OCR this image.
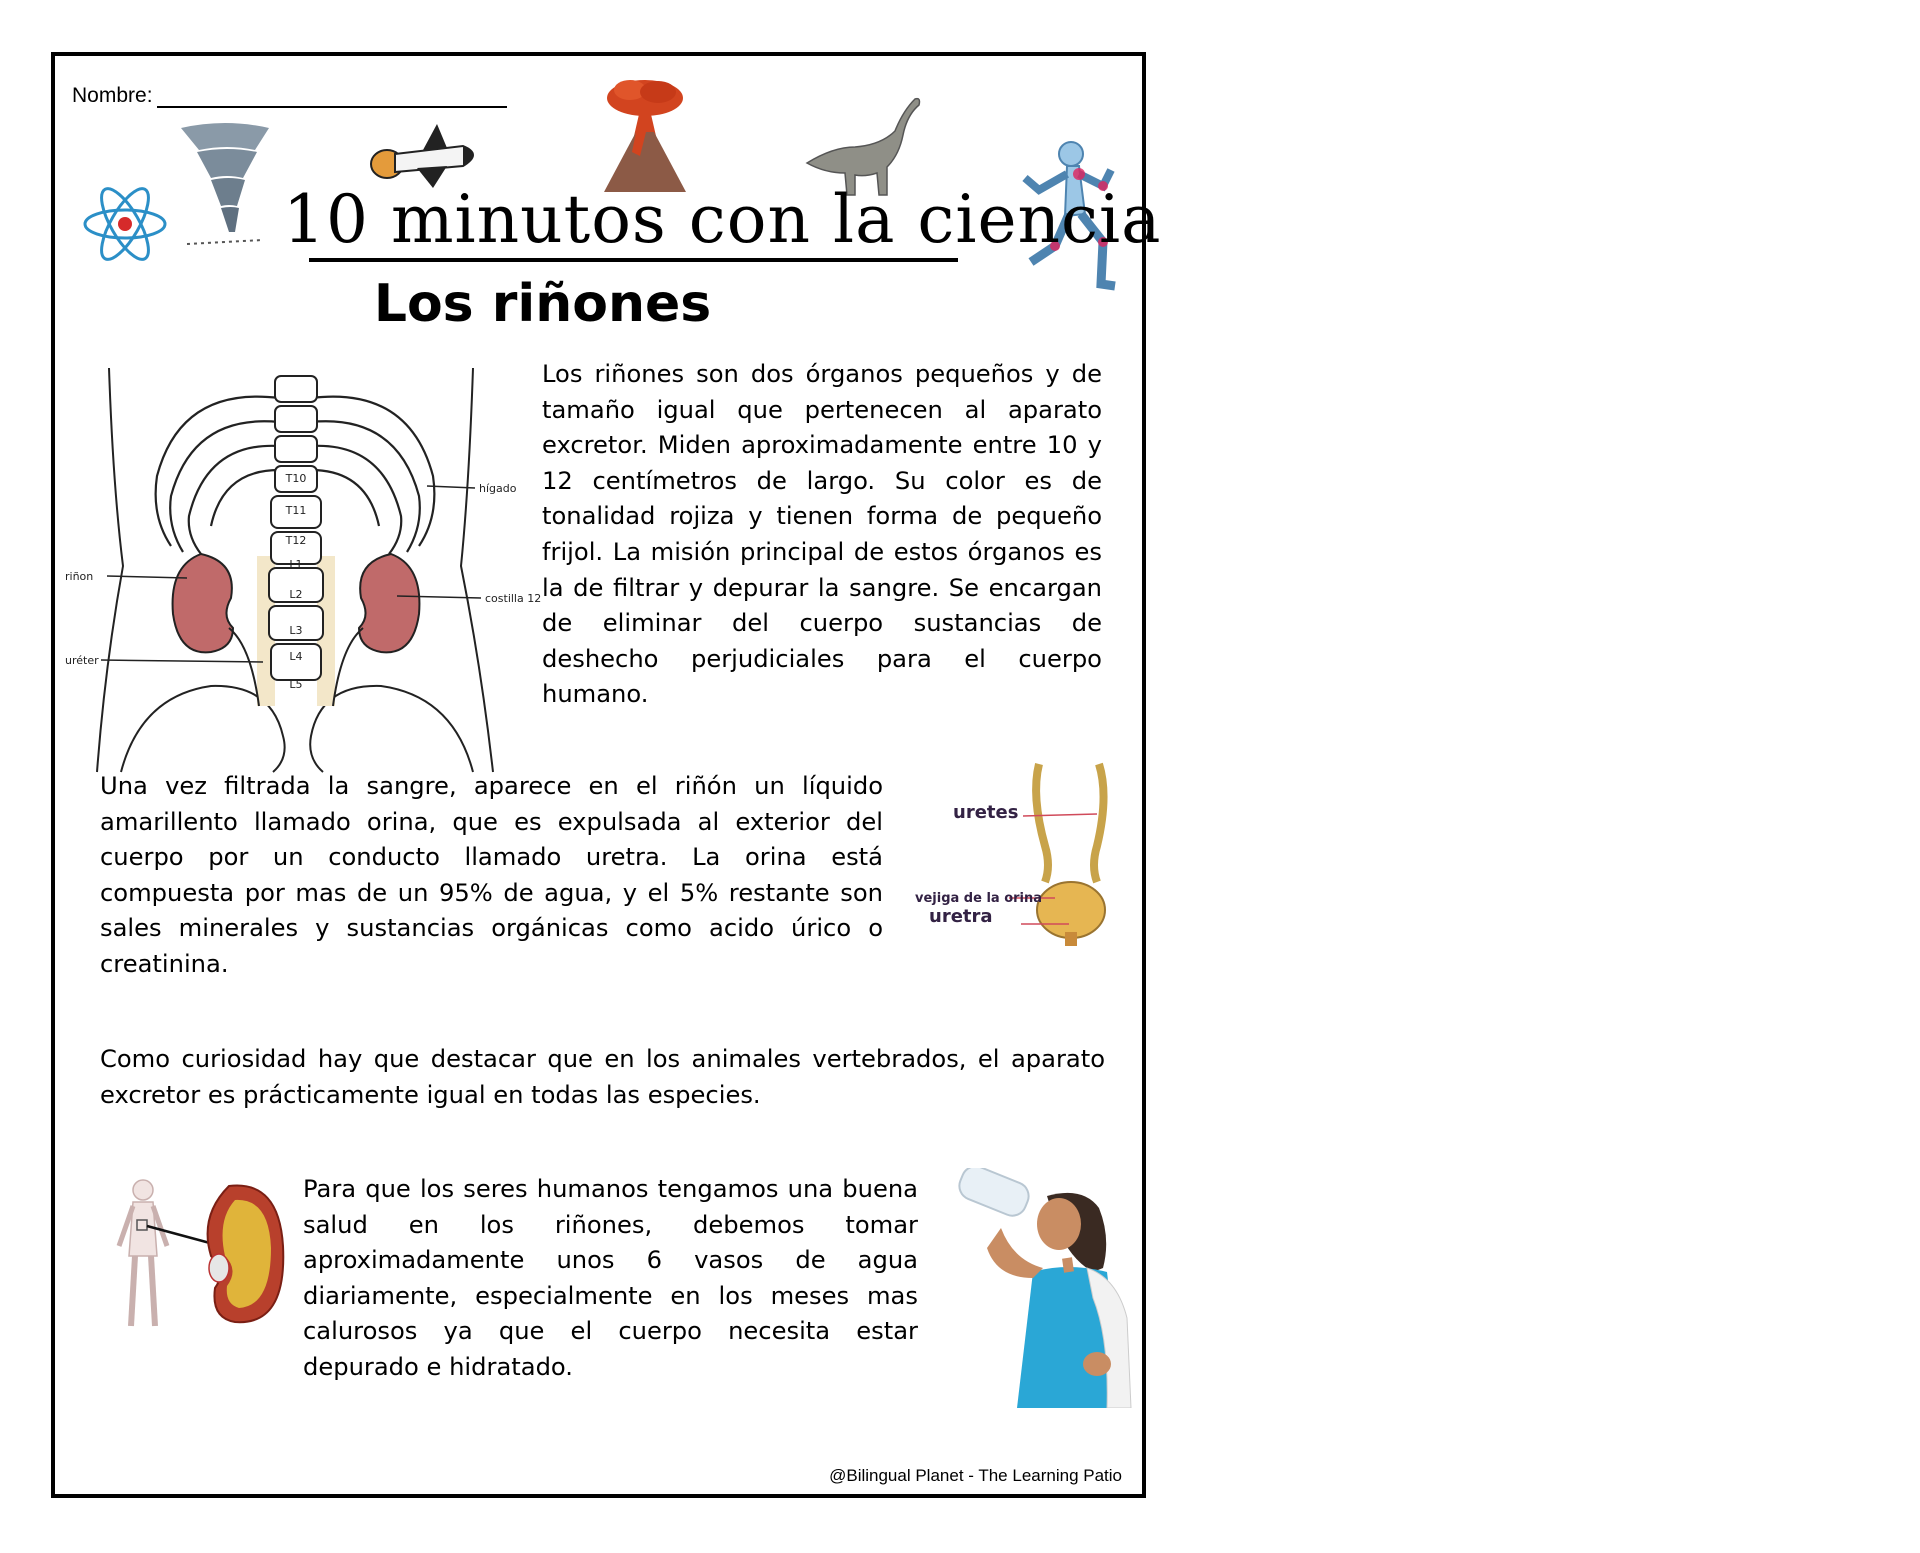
Nombre:
10 minutos con la ciencia
Los riñones
T10
T11
T12
L1
L2
L3
L4
L5
hígado
riñon
uréter
costilla 12
Los riñones son dos órganos pequeños y de tamaño igual que pertenecen al aparato excretor. Miden aproximadamente entre 10 y 12 centímetros de largo. Su color es de tonalidad rojiza y tienen forma de pequeño frijol. La misión principal de estos órganos es la de filtrar y depurar la sangre. Se encargan de eliminar del cuerpo sustancias de deshecho perjudiciales para el cuerpo humano.
Una vez filtrada la sangre, aparece en el riñón un líquido amarillento llamado orina, que es expulsada al exterior del cuerpo por un conducto llamado uretra. La orina está compuesta por mas de un 95% de agua, y el 5% restante son sales minerales y sustancias orgánicas como acido úrico o creatinina.
uretes
vejiga de la orina
uretra
Como curiosidad hay que destacar que en los animales vertebrados, el aparato excretor es prácticamente igual en todas las especies.
Para que los seres humanos tengamos una buena salud en los riñones, debemos tomar aproximadamente unos 6 vasos de agua diariamente, especialmente en los meses mas calurosos ya que el cuerpo necesita estar depurado e hidratado.
@Bilingual Planet - The Learning Patio
